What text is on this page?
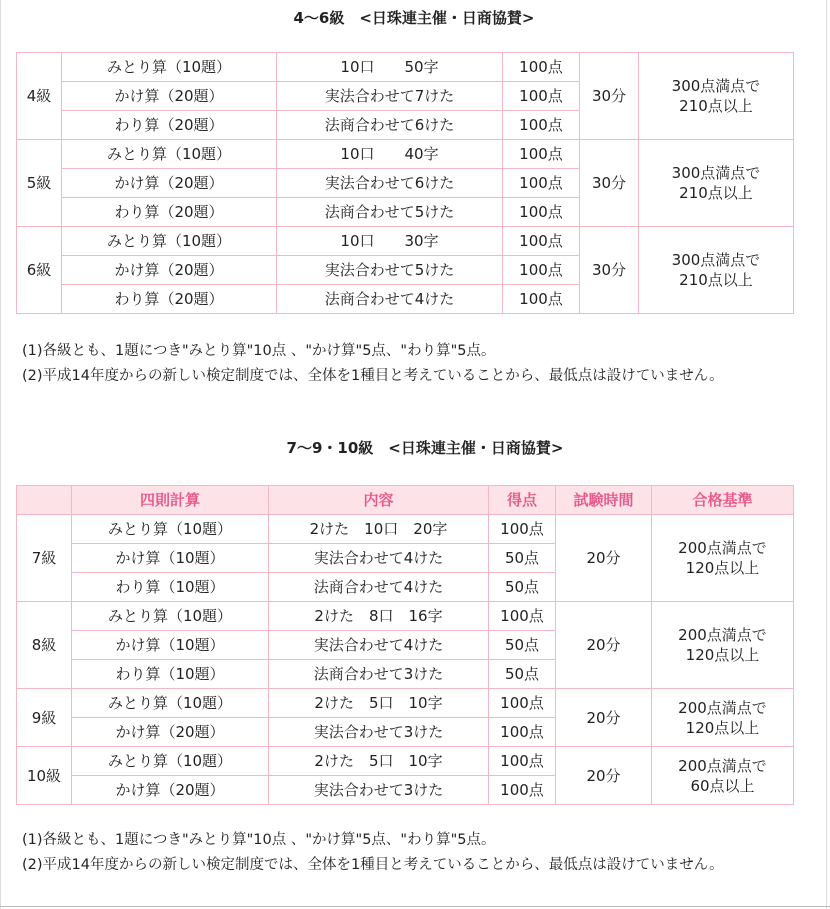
4～6級　<日珠連主催・日商協賛>
4級	みとり算（10題）	10口　　50字	100点	30分	300点満点で
210点以上

	かけ算（20題）	実法合わせて7けた	100点		
	わり算（20題）	法商合わせて6けた	100点		
5級	みとり算（10題）	10口　　40字	100点	30分	300点満点で
210点以上

	かけ算（20題）	実法合わせて6けた	100点		
	わり算（20題）	法商合わせて5けた	100点		
6級	みとり算（10題）	10口　　30字	100点	30分	300点満点で
210点以上

	かけ算（20題）	実法合わせて5けた	100点		
	わり算（20題）	法商合わせて4けた	100点		

(1)各級とも、1題につき"みとり算"10点 、"かけ算"5点、"わり算"5点。
(2)平成14年度からの新しい検定制度では、全体を1種目と考えていることから、最低点は設けていません。

7～9・10級　<日珠連主催・日商協賛>
	四則計算	内容	得点	試験時間	合格基準
7級	みとり算（10題）	2けた　10口　20字	100点	20分	200点満点で
120点以上

	かけ算（10題）	実法合わせて4けた	50点		
	わり算（10題）	法商合わせて4けた	50点		
8級	みとり算（10題）	2けた　8口　16字	100点	20分	200点満点で
120点以上

	かけ算（10題）	実法合わせて4けた	50点		
	わり算（10題）	法商合わせて3けた	50点		
9級	みとり算（10題）	2けた　5口　10字	100点	20分	200点満点で
120点以上

	かけ算（20題）	実法合わせて3けた	100点		
10級	みとり算（10題）	2けた　5口　10字	100点	20分	200点満点で
60点以上

	かけ算（20題）	実法合わせて3けた	100点		

(1)各級とも、1題につき"みとり算"10点 、"かけ算"5点、"わり算"5点。
(2)平成14年度からの新しい検定制度では、全体を1種目と考えていることから、最低点は設けていません。
